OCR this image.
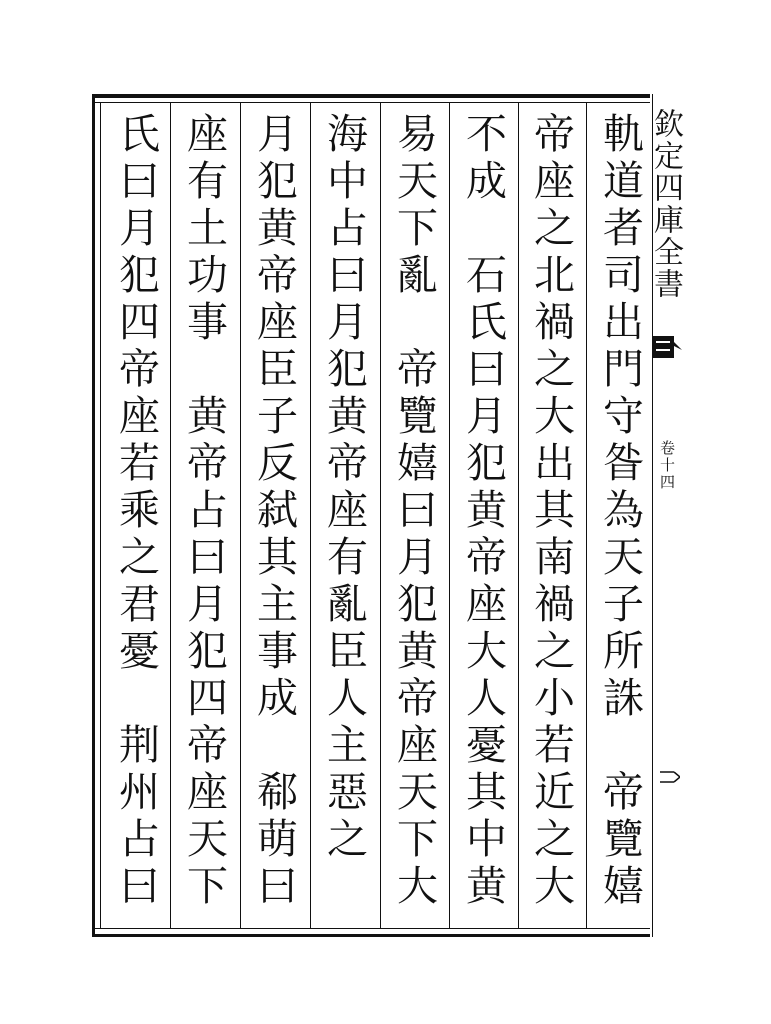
欽定四庫全書
卷十四
軌道者司出門守昝為天子所誅　帝覽嬉
帝座之北禍之大出其南禍之小若近之大
不成　石氏曰月犯黄帝座大人憂其中黄
易天下亂　帝覽嬉曰月犯黄帝座天下大
海中占曰月犯黄帝座有亂臣人主惡之　
月犯黄帝座臣子反弑其主事成　郗萌曰
座有土功事　黄帝占曰月犯四帝座天下　
氏曰月犯四帝座若乘之君憂　荆州占曰
